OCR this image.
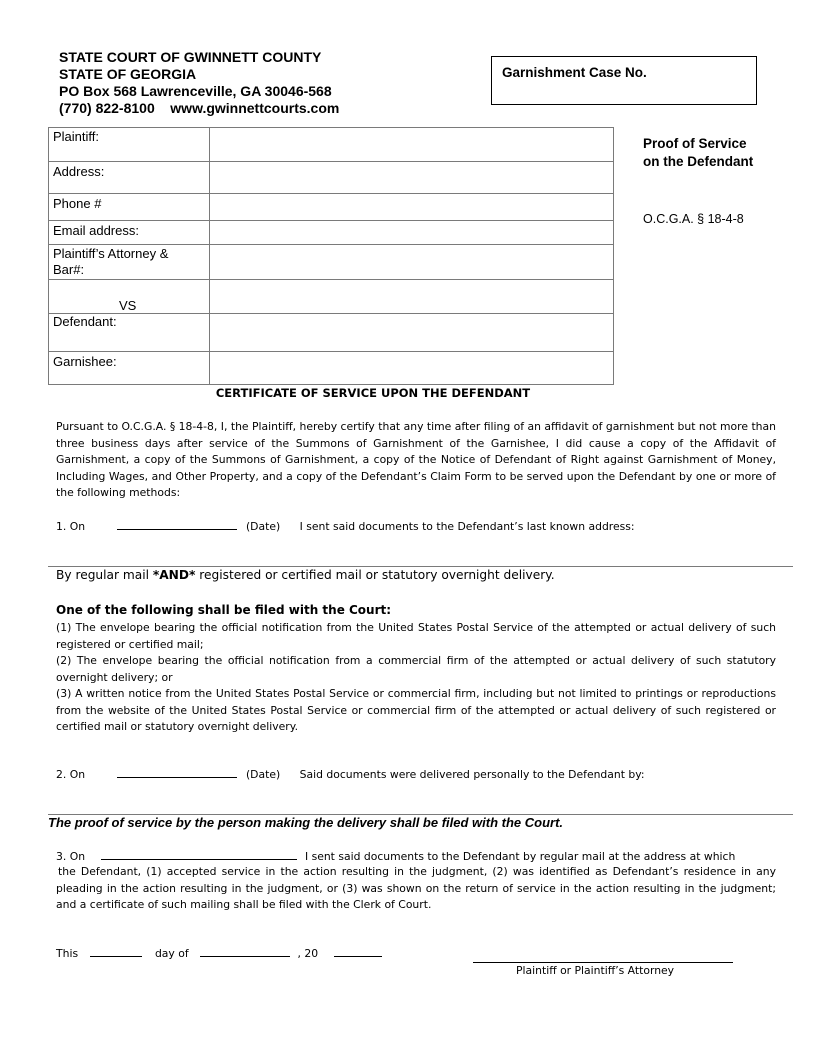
STATE COURT OF GWINNETT COUNTY
STATE OF GEORGIA
PO Box 568 Lawrenceville, GA 30046-568
(770) 822-8100    www.gwinnettcourts.com
Garnishment Case No.
Proof of Service
on the Defendant
O.C.G.A. § 18-4-8
Plaintiff:	
Address:	
Phone #	
Email address:	

Plaintiff’s Attorney &
Bar#:	

VS	
Defendant:	
Garnishee:	
CERTIFICATE OF SERVICE UPON THE DEFENDANT
Pursuant to O.C.G.A. § 18-4-8, I, the Plaintiff, hereby certify that any time after filing of an affidavit of garnishment but not more than three business days after service of the Summons of Garnishment of the Garnishee, I did cause a copy of the Affidavit of Garnishment, a copy of the Summons of Garnishment, a copy of the Notice of Defendant of Right against Garnishment of Money, Including Wages, and Other Property, and a copy of the Defendant’s Claim Form to be served upon the Defendant by one or more of the following methods:
1. On	(Date) I sent said documents to the Defendant’s last known address:
By regular mail *AND* registered or certified mail or statutory overnight delivery.
One of the following shall be filed with the Court:
(1) The envelope bearing the official notification from the United States Postal Service of the attempted or actual delivery of such registered or certified mail;
(2) The envelope bearing the official notification from a commercial firm of the attempted or actual delivery of such statutory overnight delivery; or
(3) A written notice from the United States Postal Service or commercial firm, including but not limited to printings or reproductions from the website of the United States Postal Service or commercial firm of the attempted or actual delivery of such registered or certified mail or statutory overnight delivery.
2. On	(Date) Said documents were delivered personally to the Defendant by:
The proof of service by the person making the delivery shall be filed with the Court.
3. On	I sent said documents to the Defendant by regular mail at the address at which
the Defendant, (1) accepted service in the action resulting in the judgment, (2) was identified as Defendant’s residence in any pleading in the action resulting in the judgment, or (3) was shown on the return of service in the action resulting in the judgment; and a certificate of such mailing shall be filed with the Clerk of Court.
This	day of	, 20
Plaintiff or Plaintiff’s Attorney
